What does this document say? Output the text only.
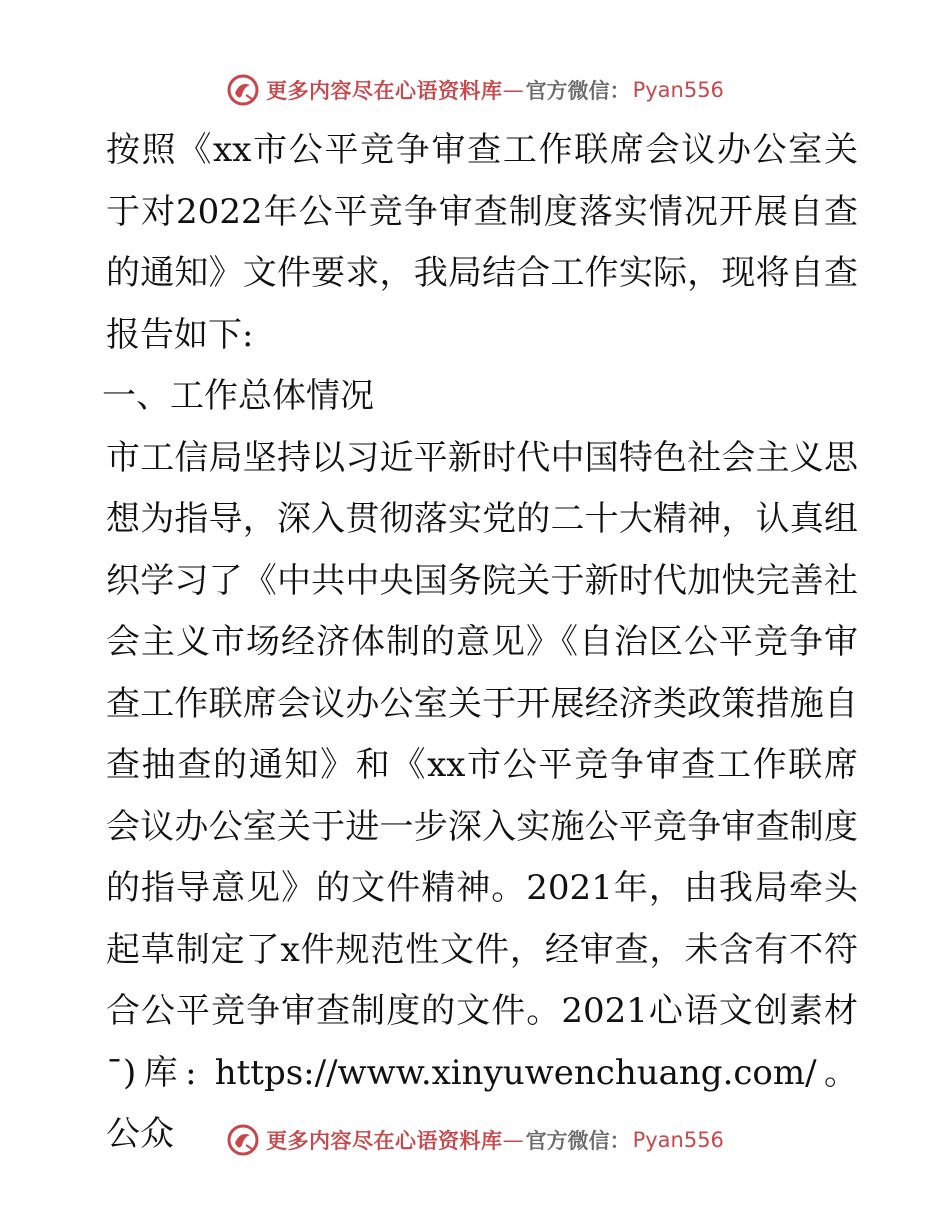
更多内容尽在心语资料库 — 官方微信： Pyan556

按照《xx市公平竞争审查工作联席会议办公室关于对2022年公平竞争审查制度落实情况开展自查的通知》文件要求，我局结合工作实际，现将自查报告如下:

一、工作总体情况

市工信局坚持以习近平新时代中国特色社会主义思想为指导，深入贯彻落实党的二十大精神，认真组织学习了《中共中央国务院关于新时代加快完善社会主义市场经济体制的意见》《自治区公平竞争审查工作联席会议办公室关于开展经济类政策措施自查抽查的通知》和《xx市公平竞争审查工作联席会议办公室关于进一步深入实施公平竞争审查制度的指导意见》的文件精神。2021年，由我局牵头起草制定了x件规范性文件，经审查，未含有不符合公平竞争审查制度的文件。2021心语文创素材¯)库: https://www.xinyuwenchuang.com/。公众	更多内容尽在心语资料库 — 官方微信： Pyan556
